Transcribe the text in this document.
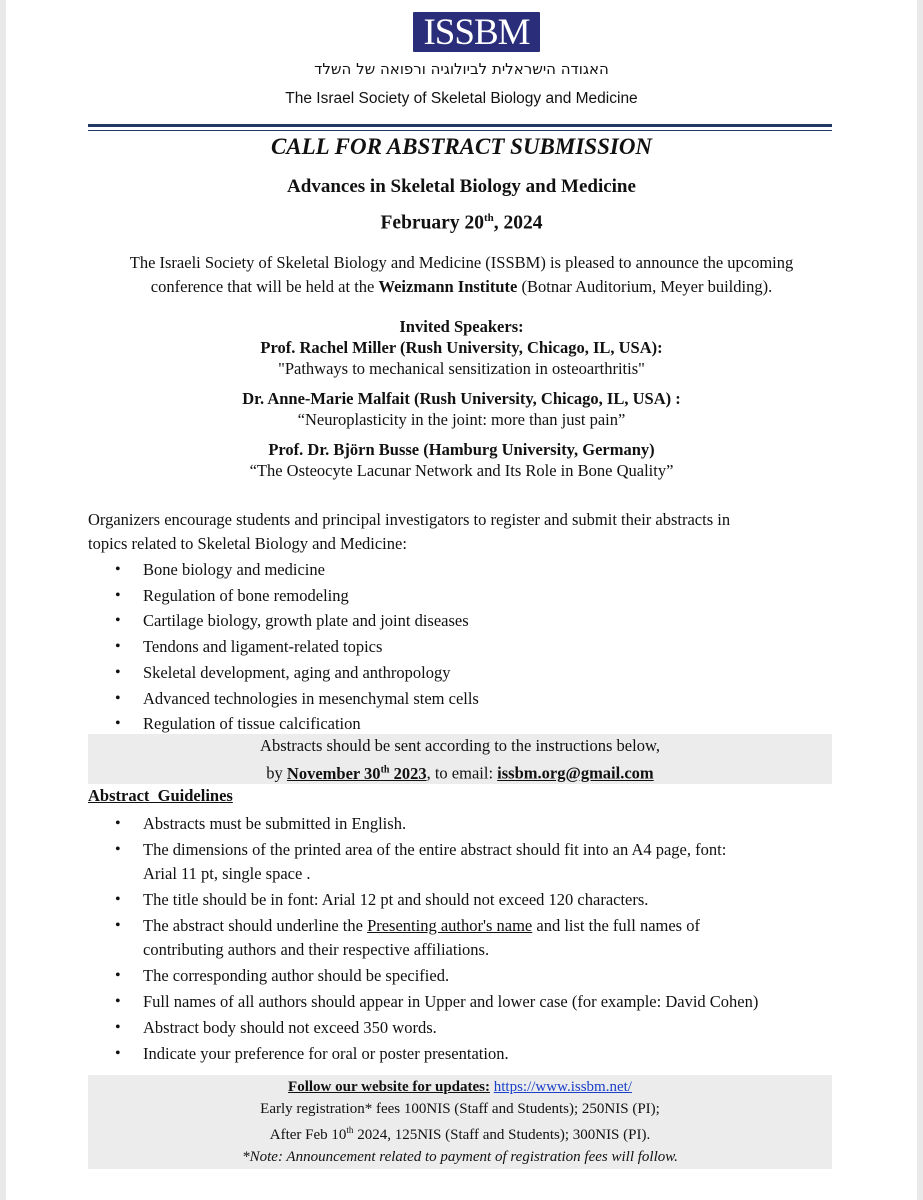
ISSBM
האגודה הישראלית לביולוגיה ורפואה של השלד
The Israel Society of Skeletal Biology and Medicine
CALL FOR ABSTRACT SUBMISSION
Advances in Skeletal Biology and Medicine
February 20th, 2024
The Israeli Society of Skeletal Biology and Medicine (ISSBM) is pleased to announce the upcoming
conference that will be held at the Weizmann Institute (Botnar Auditorium, Meyer building).
Invited Speakers:
Prof. Rachel Miller (Rush University, Chicago, IL, USA):
"Pathways to mechanical sensitization in osteoarthritis"
Dr. Anne-Marie Malfait (Rush University, Chicago, IL, USA) :
“Neuroplasticity in the joint: more than just pain”
Prof. Dr. Björn Busse (Hamburg University, Germany)
“The Osteocyte Lacunar Network and Its Role in Bone Quality”
Organizers encourage students and principal investigators to register and submit their abstracts in
topics related to Skeletal Biology and Medicine:
• Bone biology and medicine
• Regulation of bone remodeling
• Cartilage biology, growth plate and joint diseases
• Tendons and ligament-related topics
• Skeletal development, aging and anthropology
• Advanced technologies in mesenchymal stem cells
• Regulation of tissue calcification
Abstracts should be sent according to the instructions below,
by November 30th 2023, to email: issbm.org@gmail.com
Abstract  Guidelines
• Abstracts must be submitted in English.
• The dimensions of the printed area of the entire abstract should fit into an A4 page, font:
Arial 11 pt, single space .
• The title should be in font: Arial 12 pt and should not exceed 120 characters.
• The abstract should underline the Presenting author's name and list the full names of
contributing authors and their respective affiliations.
• The corresponding author should be specified.
• Full names of all authors should appear in Upper and lower case (for example: David Cohen)
• Abstract body should not exceed 350 words.
• Indicate your preference for oral or poster presentation.
Follow our website for updates: https://www.issbm.net/
Early registration* fees 100NIS (Staff and Students); 250NIS (PI);
After Feb 10th 2024, 125NIS (Staff and Students); 300NIS (PI).
*Note: Announcement related to payment of registration fees will follow.
